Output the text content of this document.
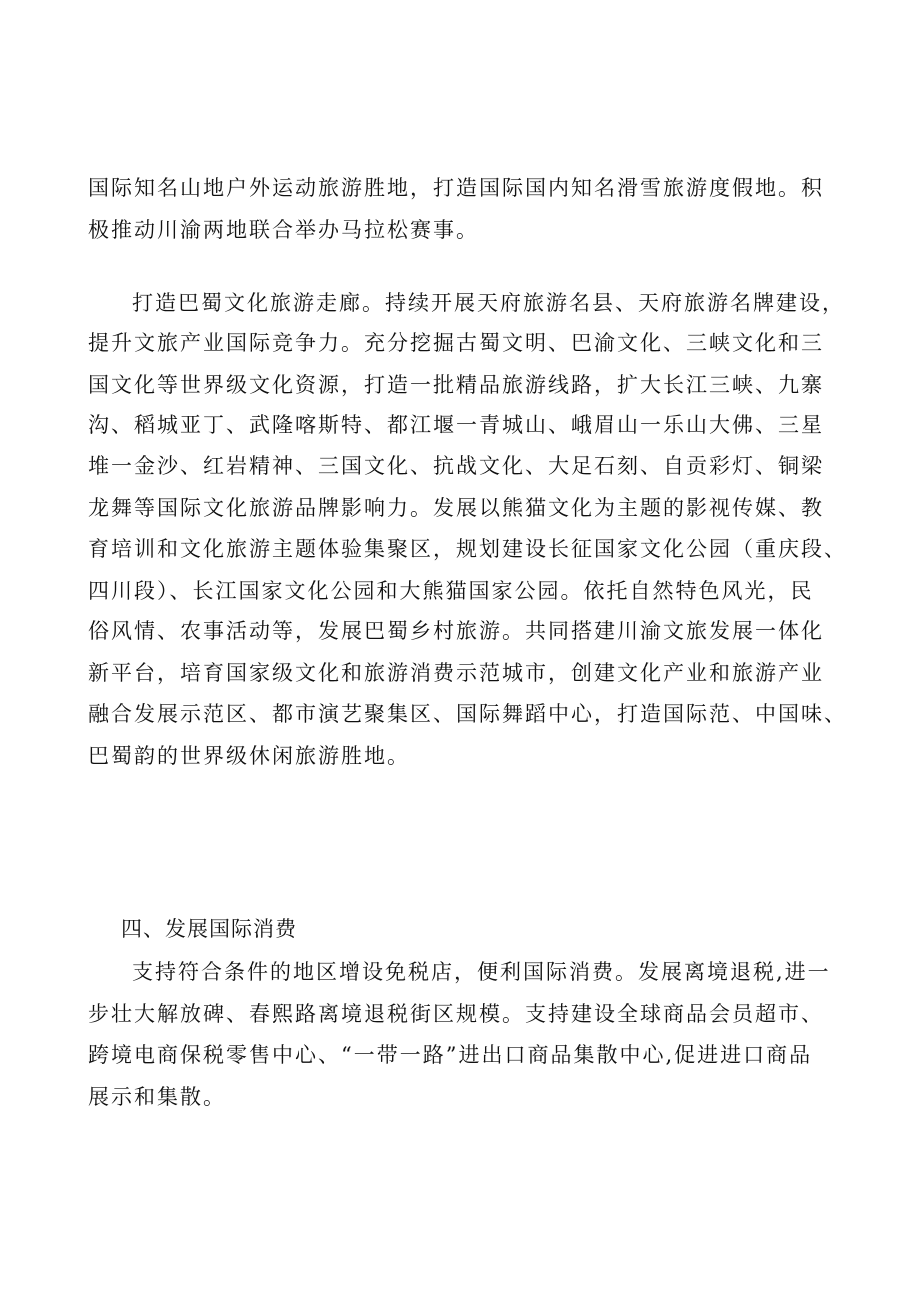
国际知名山地户外运动旅游胜地，打造国际国内知名滑雪旅游度假地。积

极推动川渝两地联合举办马拉松赛事。

打造巴蜀文化旅游走廊。持续开展天府旅游名县、天府旅游名牌建设，

提升文旅产业国际竞争力。充分挖掘古蜀文明、巴渝文化、三峡文化和三

国文化等世界级文化资源，打造一批精品旅游线路，扩大长江三峡、九寨

沟、稻城亚丁、武隆喀斯特、都江堰一青城山、峨眉山一乐山大佛、三星

堆一金沙、红岩精神、三国文化、抗战文化、大足石刻、自贡彩灯、铜梁

龙舞等国际文化旅游品牌影响力。发展以熊猫文化为主题的影视传媒、教

育培训和文化旅游主题体验集聚区，规划建设长征国家文化公园（重庆段、

四川段）、长江国家文化公园和大熊猫国家公园。依托自然特色风光，民

俗风情、农事活动等，发展巴蜀乡村旅游。共同搭建川渝文旅发展一体化

新平台，培育国家级文化和旅游消费示范城市，创建文化产业和旅游产业

融合发展示范区、都市演艺聚集区、国际舞蹈中心，打造国际范、中国味、

巴蜀韵的世界级休闲旅游胜地。

四、发展国际消费

支持符合条件的地区增设免税店，便利国际消费。发展离境退税,进一

步壮大解放碑、春熙路离境退税街区规模。支持建设全球商品会员超市、

跨境电商保税零售中心、“一带一路”进出口商品集散中心,促进进口商品

展示和集散。
